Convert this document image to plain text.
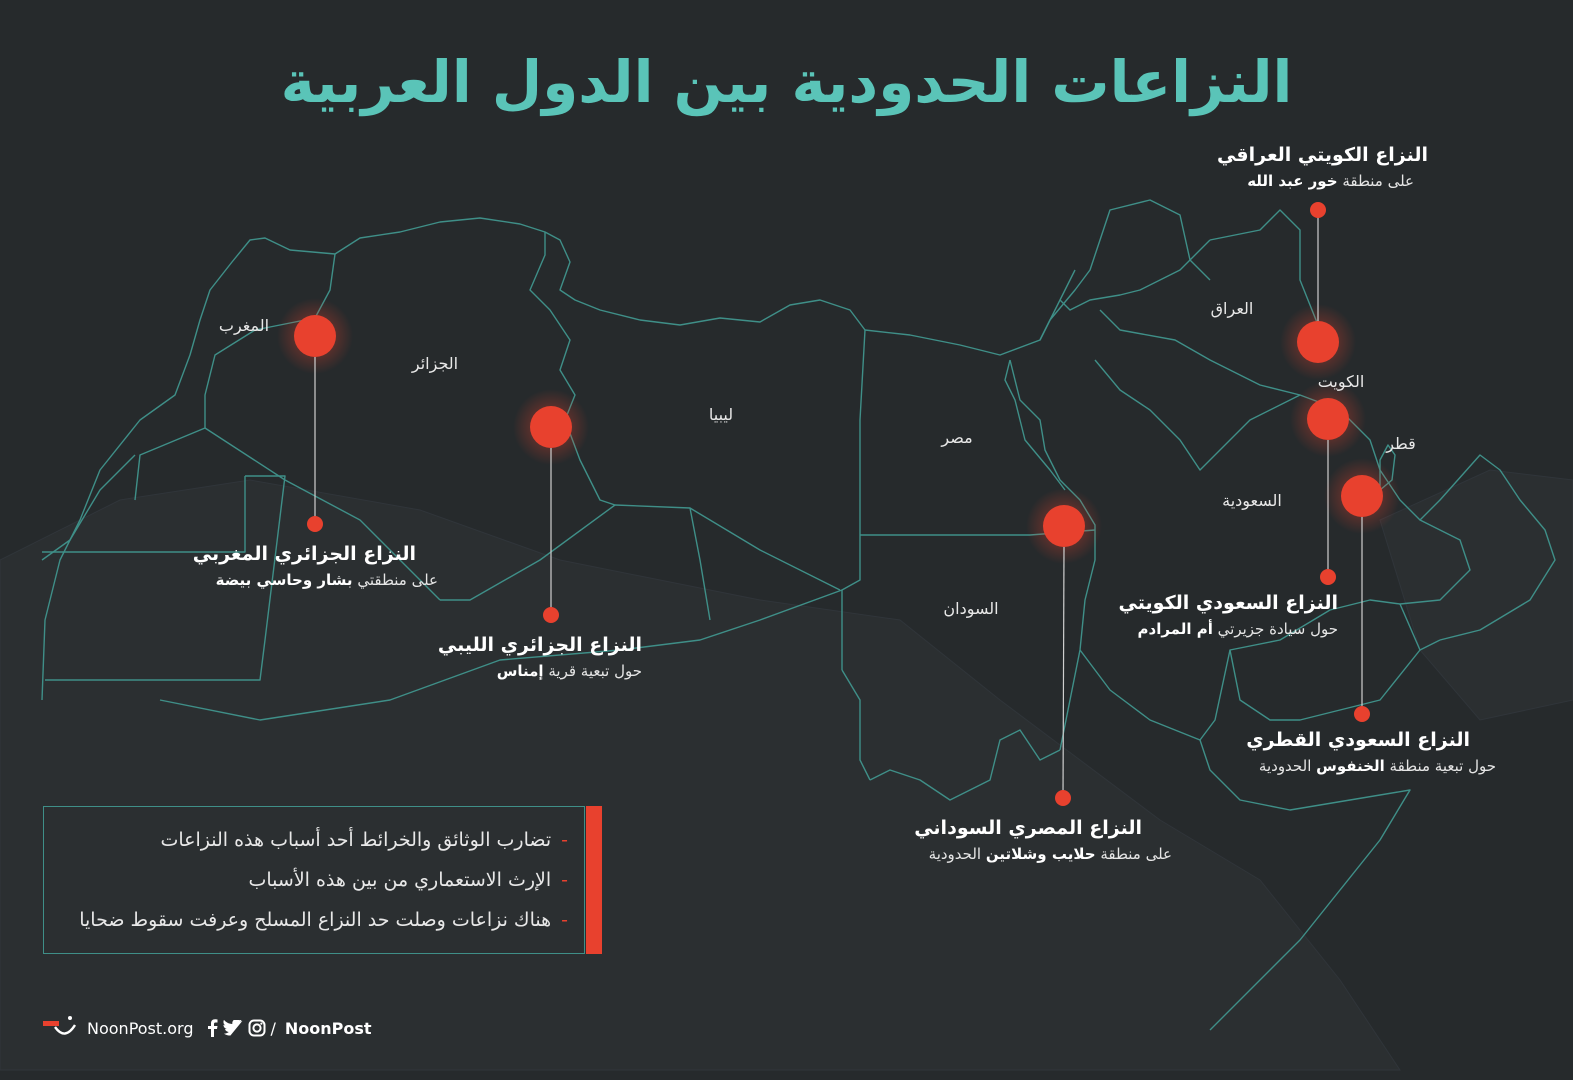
النزاعات الحدودية بين الدول العربية
المغرب
الجزائر
ليبيا
مصر
السودان
العراق
الكويت
قطر
السعودية
النزاع الجزائري المغربي
على منطقتي بشار وحاسي بيضة
النزاع الجزائري الليبي
حول تبعية قرية إمناس
النزاع المصري السوداني
على منطقة حلايب وشلاتين الحدودية
النزاع الكويتي العراقي
على منطقة خور عبد الله
النزاع السعودي الكويتي
حول سيادة جزيرتي أم المرادم
النزاع السعودي القطري
حول تبعية منطقة الخنفوس الحدودية
-تضارب الوثائق والخرائط أحد أسباب هذه النزاعات
-الإرث الاستعماري من بين هذه الأسباب
-هناك نزاعات وصلت حد النزاع المسلح وعرفت سقوط ضحايا
NoonPost.org	/ NoonPost
